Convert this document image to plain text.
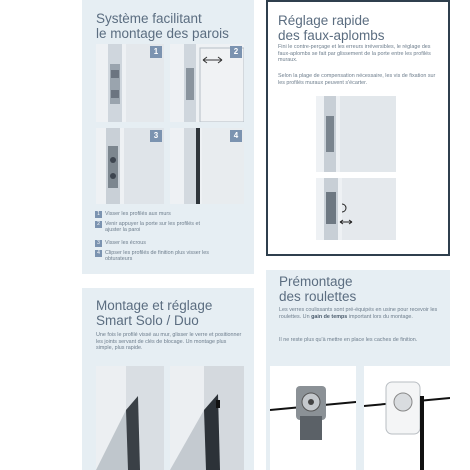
Système facilitant
le montage des parois
1	2
3	4
1 Visser les profilés aux murs
2 Venir appuyer la porte sur les profilés et ajuster la paroi
3 Visser les écrous
4 Clipser les profilés de finition plus visser les obturateurs
Réglage rapide
des faux-aplombs
Fini le contre-perçage et les erreurs irréversibles, le réglage des faux-aplombs se fait par glissement de la porte entre les profilés muraux.
Selon la plage de compensation nécessaire, les vis de fixation sur les profilés muraux peuvent s'écarter.
Montage et réglage
Smart Solo / Duo
Une fois le profilé vissé au mur, glisser le verre et positionner les joints servant de clés de blocage. Un montage plus simple, plus rapide.
Prémontage
des roulettes
Les verres coulissants sont pré-équipés en usine pour recevoir les roulettes. Un gain de temps important lors du montage.
Il ne reste plus qu'à mettre en place les caches de finition.
